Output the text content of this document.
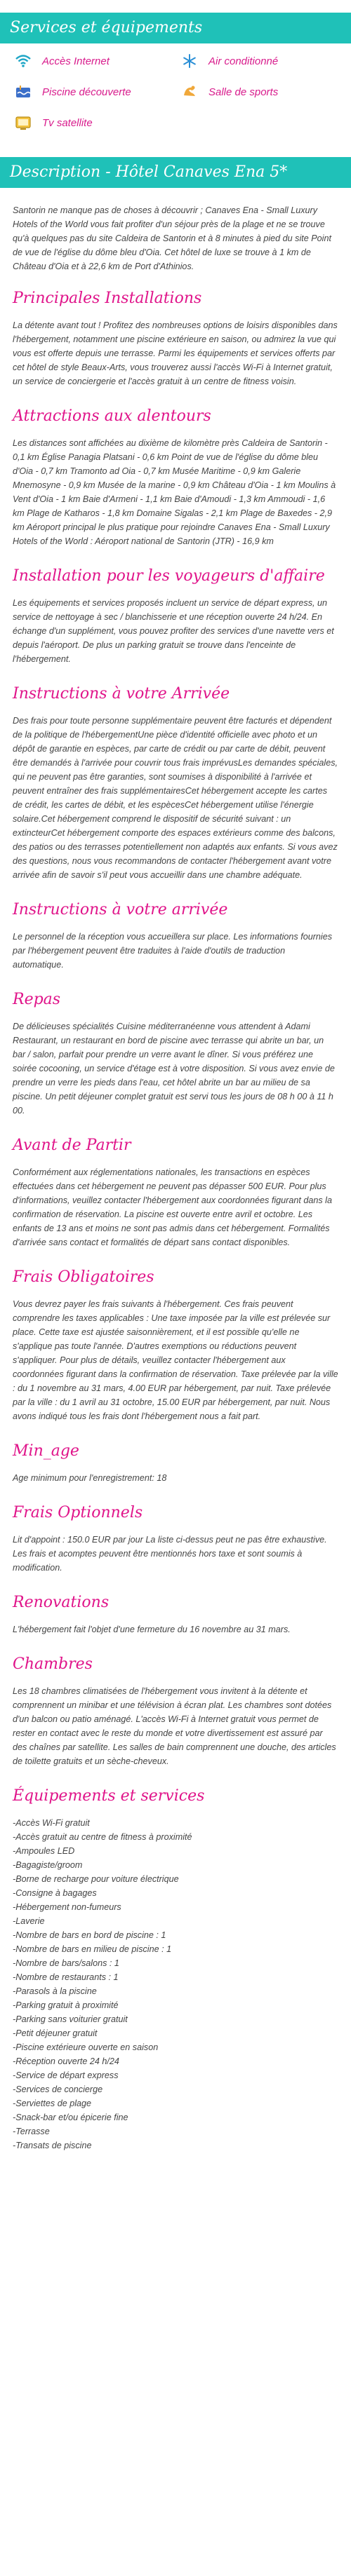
Services et équipements
Accès Internet	Air conditionné
Piscine découverte	Salle de sports
Tv satellite
Description - Hôtel Canaves Ena 5*

Santorin ne manque pas de choses à découvrir ; Canaves Ena - Small Luxury Hotels of the World vous fait profiter d'un séjour près de la plage et ne se trouve qu'à quelques pas du site Caldeira de Santorin et à 8 minutes à pied du site Point de vue de l'église du dôme bleu d'Oia. Cet hôtel de luxe se trouve à 1 km de Château d'Oia et à 22,6 km de Port d'Athinios.

Principales Installations

La détente avant tout ! Profitez des nombreuses options de loisirs disponibles dans l'hébergement, notamment une piscine extérieure en saison, ou admirez la vue qui vous est offerte depuis une terrasse. Parmi les équipements et services offerts par cet hôtel de style Beaux-Arts, vous trouverez aussi l'accès Wi-Fi à Internet gratuit, un service de conciergerie et l'accès gratuit à un centre de fitness voisin.

Attractions aux alentours

Les distances sont affichées au dixième de kilomètre près Caldeira de Santorin - 0,1 km Église Panagia Platsani - 0,6 km Point de vue de l'église du dôme bleu d'Oia - 0,7 km Tramonto ad Oia - 0,7 km Musée Maritime - 0,9 km Galerie Mnemosyne - 0,9 km Musée de la marine - 0,9 km Château d'Oia - 1 km Moulins à Vent d'Oia - 1 km Baie d'Armeni - 1,1 km Baie d'Amoudi - 1,3 km Ammoudi - 1,6 km Plage de Katharos - 1,8 km Domaine Sigalas - 2,1 km Plage de Baxedes - 2,9 km Aéroport principal le plus pratique pour rejoindre Canaves Ena - Small Luxury Hotels of the World : Aéroport national de Santorin (JTR) - 16,9 km

Installation pour les voyageurs d'affaire

Les équipements et services proposés incluent un service de départ express, un service de nettoyage à sec / blanchisserie et une réception ouverte 24 h/24. En échange d'un supplément, vous pouvez profiter des services d'une navette vers et depuis l'aéroport. De plus un parking gratuit se trouve dans l'enceinte de l'hébergement.

Instructions à votre Arrivée

Des frais pour toute personne supplémentaire peuvent être facturés et dépendent de la politique de l'hébergementUne pièce d'identité officielle avec photo et un dépôt de garantie en espèces, par carte de crédit ou par carte de débit, peuvent être demandés à l'arrivée pour couvrir tous frais imprévusLes demandes spéciales, qui ne peuvent pas être garanties, sont soumises à disponibilité à l'arrivée et peuvent entraîner des frais supplémentairesCet hébergement accepte les cartes de crédit, les cartes de débit, et les espècesCet hébergement utilise l'énergie solaire.Cet hébergement comprend le dispositif de sécurité suivant : un extincteurCet hébergement comporte des espaces extérieurs comme des balcons, des patios ou des terrasses potentiellement non adaptés aux enfants. Si vous avez des questions, nous vous recommandons de contacter l'hébergement avant votre arrivée afin de savoir s'il peut vous accueillir dans une chambre adéquate.

Instructions à votre arrivée

Le personnel de la réception vous accueillera sur place. Les informations fournies par l'hébergement peuvent être traduites à l'aide d'outils de traduction automatique.

Repas

De délicieuses spécialités Cuisine méditerranéenne vous attendent à Adami Restaurant, un restaurant en bord de piscine avec terrasse qui abrite un bar, un bar / salon, parfait pour prendre un verre avant le dîner. Si vous préférez une soirée cocooning, un service d'étage est à votre disposition. Si vous avez envie de prendre un verre les pieds dans l'eau, cet hôtel abrite un bar au milieu de sa piscine. Un petit déjeuner complet gratuit est servi tous les jours de 08 h 00 à 11 h 00.

Avant de Partir

Conformément aux réglementations nationales, les transactions en espèces effectuées dans cet hébergement ne peuvent pas dépasser 500 EUR. Pour plus d'informations, veuillez contacter l'hébergement aux coordonnées figurant dans la confirmation de réservation. La piscine est ouverte entre avril et octobre. Les enfants de 13 ans et moins ne sont pas admis dans cet hébergement. Formalités d'arrivée sans contact et formalités de départ sans contact disponibles.

Frais Obligatoires

Vous devrez payer les frais suivants à l'hébergement. Ces frais peuvent comprendre les taxes applicables : Une taxe imposée par la ville est prélevée sur place. Cette taxe est ajustée saisonnièrement, et il est possible qu'elle ne s'applique pas toute l'année. D'autres exemptions ou réductions peuvent s'appliquer. Pour plus de détails, veuillez contacter l'hébergement aux coordonnées figurant dans la confirmation de réservation. Taxe prélevée par la ville : du 1 novembre au 31 mars, 4.00 EUR par hébergement, par nuit. Taxe prélevée par la ville : du 1 avril au 31 octobre, 15.00 EUR par hébergement, par nuit. Nous avons indiqué tous les frais dont l'hébergement nous a fait part.

Min_age

Age minimum pour l'enregistrement: 18

Frais Optionnels

Lit d'appoint : 150.0 EUR par jour La liste ci-dessus peut ne pas être exhaustive. Les frais et acomptes peuvent être mentionnés hors taxe et sont soumis à modification.

Renovations

L'hébergement fait l'objet d'une fermeture du 16 novembre au 31 mars.

Chambres

Les 18 chambres climatisées de l'hébergement vous invitent à la détente et comprennent un minibar et une télévision à écran plat. Les chambres sont dotées d'un balcon ou patio aménagé. L'accès Wi-Fi à Internet gratuit vous permet de rester en contact avec le reste du monde et votre divertissement est assuré par des chaînes par satellite. Les salles de bain comprennent une douche, des articles de toilette gratuits et un sèche-cheveux.

Équipements et services
-Accès Wi-Fi gratuit
-Accès gratuit au centre de fitness à proximité
-Ampoules LED
-Bagagiste/groom
-Borne de recharge pour voiture électrique
-Consigne à bagages
-Hébergement non-fumeurs
-Laverie
-Nombre de bars en bord de piscine : 1
-Nombre de bars en milieu de piscine : 1
-Nombre de bars/salons : 1
-Nombre de restaurants : 1
-Parasols à la piscine
-Parking gratuit à proximité
-Parking sans voiturier gratuit
-Petit déjeuner gratuit
-Piscine extérieure ouverte en saison
-Réception ouverte 24 h/24
-Service de départ express
-Services de concierge
-Serviettes de plage
-Snack-bar et/ou épicerie fine
-Terrasse
-Transats de piscine
